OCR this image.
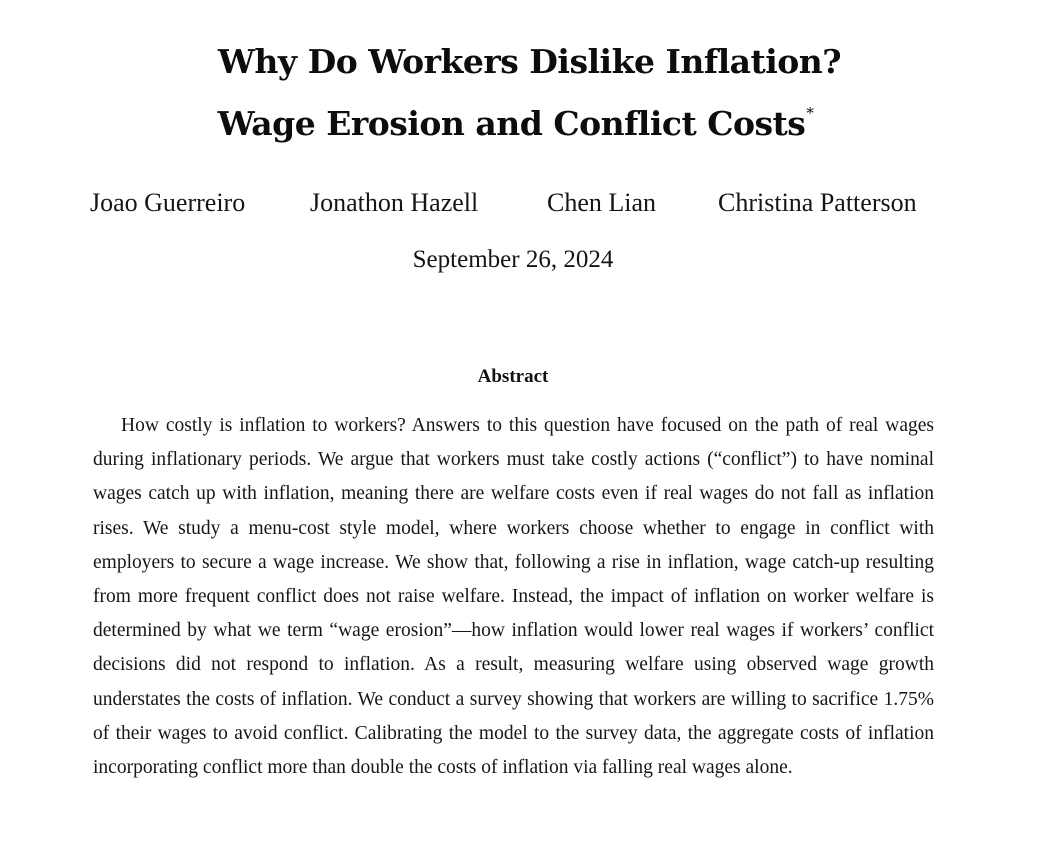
Why Do Workers Dislike Inflation?
Wage Erosion and Conflict Costs*
Joao Guerreiro Jonathon Hazell	Chen Lian Christina Patterson
September 26, 2024
Abstract

How costly is inflation to workers? Answers to this question have focused on the path of real wages during inflationary periods. We argue that workers must take costly actions (“conflict”) to have nominal wages catch up with inflation, meaning there are welfare costs even if real wages do not fall as inflation rises. We study a menu-cost style model, where workers choose whether to engage in conflict with employers to secure a wage increase. We show that, following a rise in inflation, wage catch-up resulting from more frequent conflict does not raise welfare. Instead, the impact of inflation on worker welfare is determined by what we term “wage erosion”—how inflation would lower real wages if workers’ conflict decisions did not respond to inflation. As a result, measuring welfare using observed wage growth understates the costs of inflation. We conduct a survey showing that workers are willing to sacrifice 1.75% of their wages to avoid conflict. Calibrating the model to the survey data, the aggregate costs of inflation incorporating conflict more than double the costs of inflation via falling real wages alone.
